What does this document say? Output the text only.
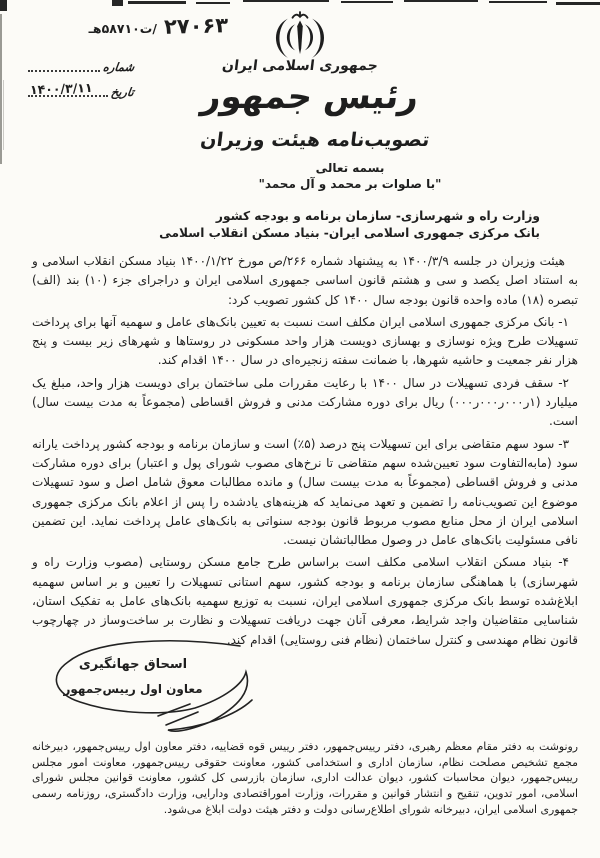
۲۷۰۶۳
/ت۵۸۷۱۰هـ
شماره
تاریخ
۱۴۰۰/۳/۱۱
جمهوری اسلامی ایران
رئیس جمهور
تصویب‌نامه هیئت وزیران
بسمه تعالی
"با صلوات بر محمد و آل محمد"
وزارت راه و شهرسازی- سازمان برنامه و بودجه کشور
بانک مرکزی جمهوری اسلامی ایران- بنیاد مسکن انقلاب اسلامی

هیئت وزیران در جلسه ۱۴۰۰/۳/۹ به پیشنهاد شماره ۲۶۶/ص مورخ ۱۴۰۰/۱/۲۲ بنیاد مسکن انقلاب اسلامی و به استناد اصل یکصد و سی و هشتم قانون اساسی جمهوری اسلامی ایران و دراجرای جزء (۱۰) بند (الف) تبصره (۱۸) ماده واحده قانون بودجه سال ۱۴۰۰ کل کشور تصویب کرد:

۱- بانک مرکزی جمهوری اسلامی ایران مکلف است نسبت به تعیین بانک‌های عامل و سهمیه آنها برای پرداخت تسهیلات طرح ویژه نوسازی و بهسازی دویست هزار واحد مسکونی در روستاها و شهرهای زیر بیست و پنج هزار نفر جمعیت و حاشیه شهرها، با ضمانت سفته زنجیره‌ای در سال ۱۴۰۰ اقدام کند.

۲- سقف فردی تسهیلات در سال ۱۴۰۰ با رعایت مقررات ملی ساختمان برای دویست هزار واحد، مبلغ یک میلیارد (۱ر۰۰۰ر۰۰۰ر۰۰۰) ریال برای دوره مشارکت مدنی و فروش اقساطی (مجموعاً به مدت بیست سال) است.

۳- سود سهم متقاضی برای این تسهیلات پنج درصد (۵٪) است و سازمان برنامه و بودجه کشور پرداخت یارانه سود (مابه‌التفاوت سود تعیین‌شده سهم متقاضی تا نرخ‌های مصوب شورای پول و اعتبار) برای دوره مشارکت مدنی و فروش اقساطی (مجموعاً به مدت بیست سال) و مانده مطالبات معوق شامل اصل و سود تسهیلات موضوع این تصویب‌نامه را تضمین و تعهد می‌نماید که هزینه‌های یادشده را پس از اعلام بانک مرکزی جمهوری اسلامی ایران از محل منابع مصوب مربوط قانون بودجه سنواتی به بانک‌های عامل پرداخت نماید. این تضمین نافی مسئولیت بانک‌های عامل در وصول مطالباتشان نیست.

۴- بنیاد مسکن انقلاب اسلامی مکلف است براساس طرح جامع مسکن روستایی (مصوب وزارت راه و شهرسازی) با هماهنگی سازمان برنامه و بودجه کشور، سهم استانی تسهیلات را تعیین و بر اساس سهمیه ابلاغ‌شده توسط بانک مرکزی جمهوری اسلامی ایران، نسبت به توزیع سهمیه بانک‌های عامل به تفکیک استان، شناسایی متقاضیان واجد شرایط، معرفی آنان جهت دریافت تسهیلات و نظارت بر ساخت‌وساز در چهارچوب قانون نظام مهندسی و کنترل ساختمان (نظام فنی روستایی) اقدام کند.

اسحاق جهانگیری
معاون اول رییس‌جمهور
رونوشت به دفتر مقام معظم رهبری، دفتر رییس‌جمهور، دفتر رییس قوه قضاییه، دفتر معاون اول رییس‌جمهور، دبیرخانه مجمع تشخیص مصلحت نظام، سازمان اداری و استخدامی کشور، معاونت حقوقی رییس‌جمهور، معاونت امور مجلس رییس‌جمهور، دیوان محاسبات کشور، دیوان عدالت اداری، سازمان بازرسی کل کشور، معاونت قوانین مجلس شورای اسلامی، امور تدوین، تنقیح و انتشار قوانین و مقررات، وزارت اموراقتصادی ودارایی، وزارت دادگستری، روزنامه رسمی جمهوری اسلامی ایران، دبیرخانه شورای اطلاع‌رسانی دولت و دفتر هیئت دولت ابلاغ می‌شود.
